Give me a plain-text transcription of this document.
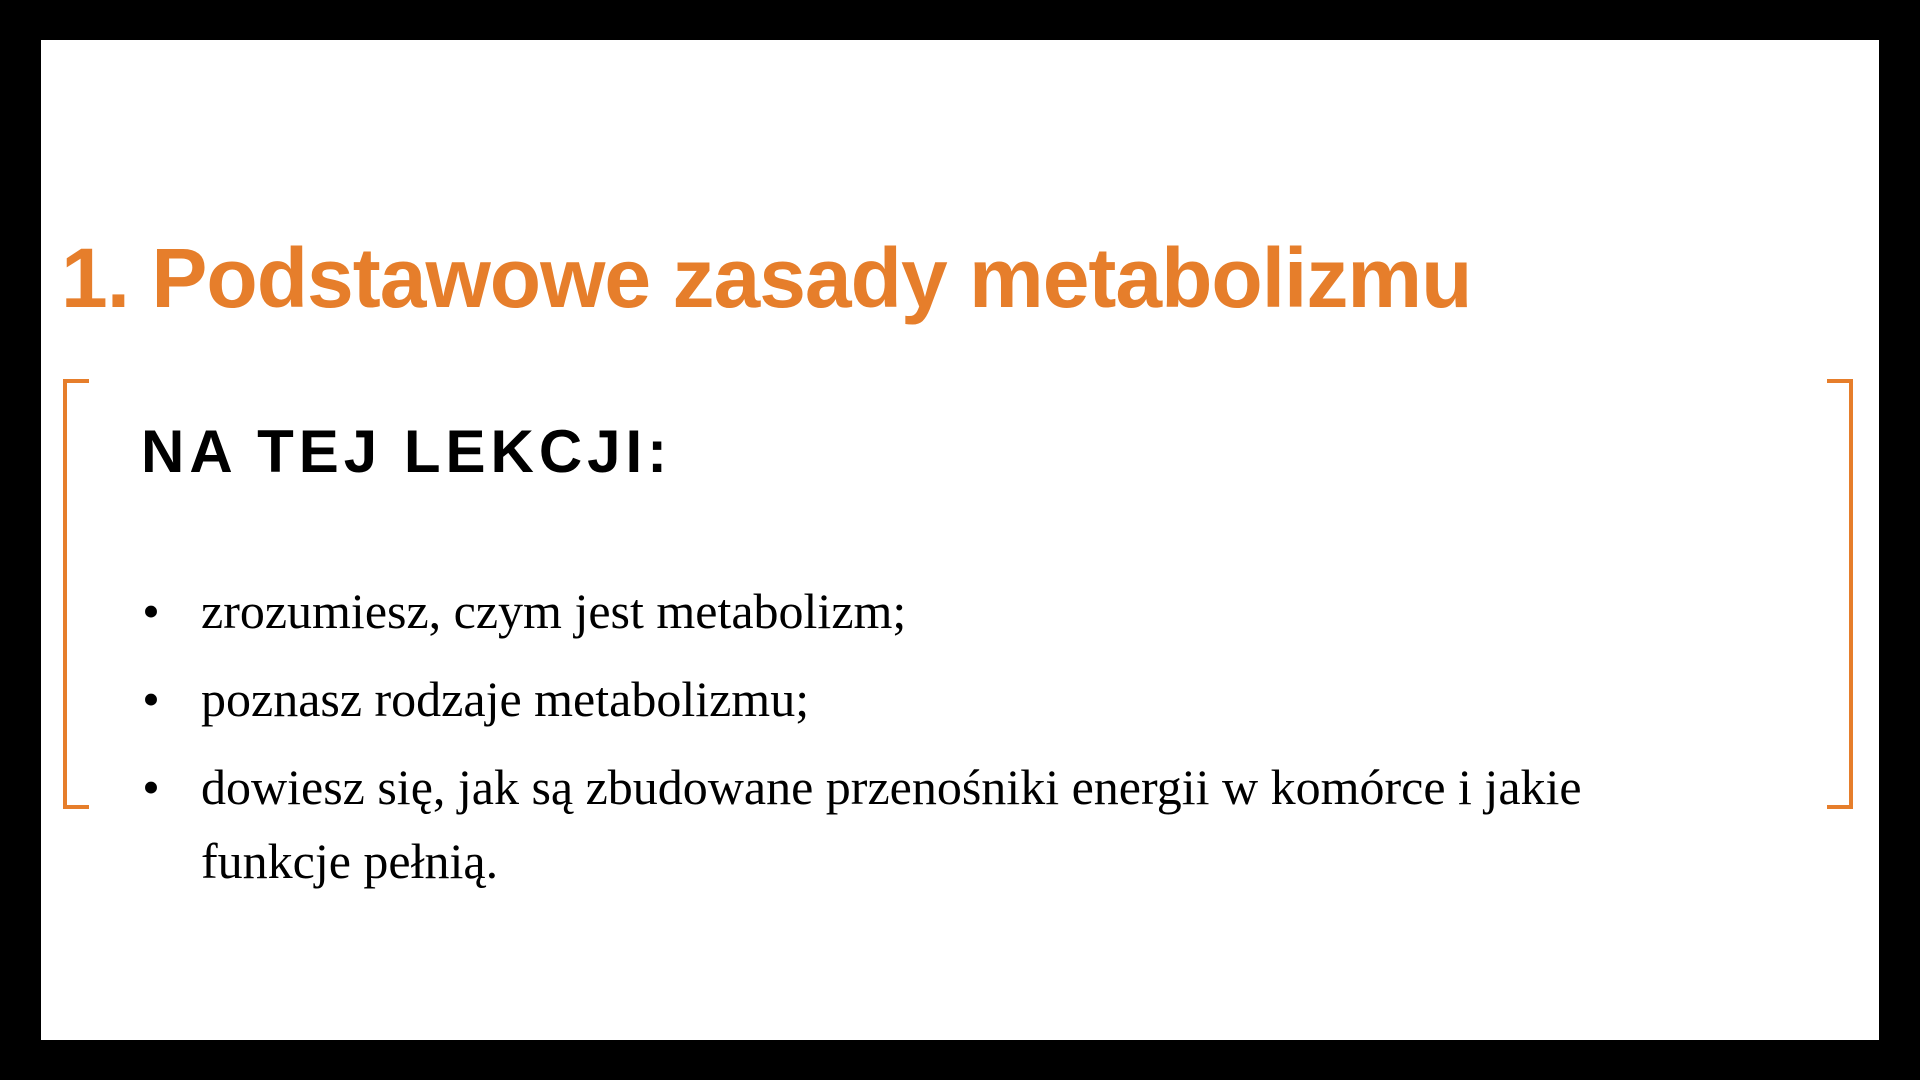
1. Podstawowe zasady metabolizmu
NA TEJ LEKCJI:
• zrozumiesz, czym jest metabolizm;
• poznasz rodzaje metabolizmu;
• dowiesz się, jak są zbudowane przenośniki energii w komórce i jakie funkcje pełnią.
